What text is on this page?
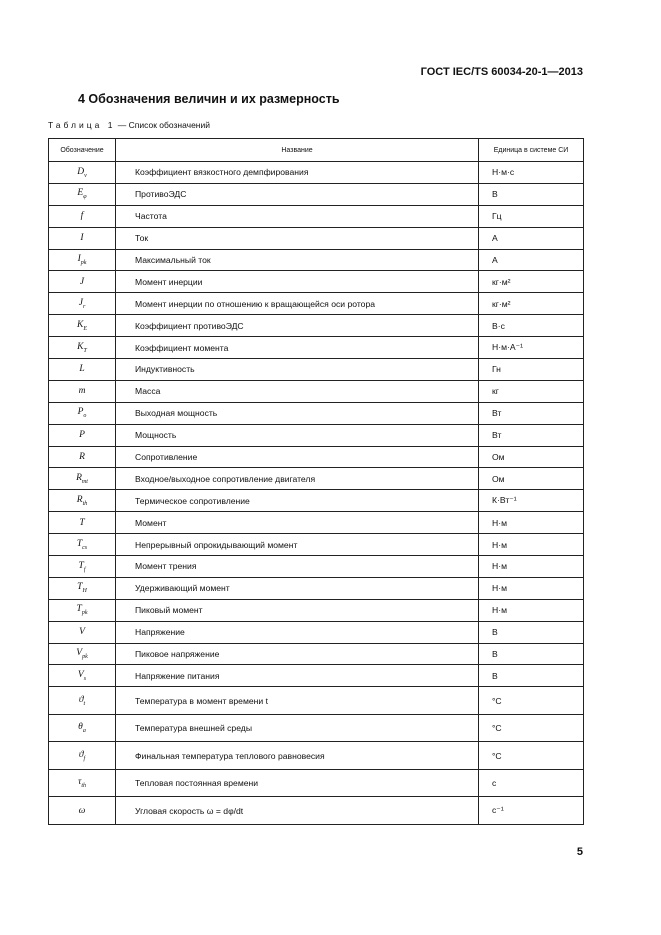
ГОСТ IEC/TS 60034-20-1—2013
4 Обозначения величин и их размерность
Таблица 1 — Список обозначений
Обозначение	Название	Единица в системе СИ
$D_v$	Коэффициент вязкостного демпфирования	Н·м·с
$E_\varphi$	ПротивоЭДС	В
f	Частота	Гц
I	Ток	А
$I_{pk}$	Максимальный ток	А
J	Момент инерции	кг·м²
$J_r$	Момент инерции по отношению к вращающейся оси ротора	кг·м²
$K_E$	Коэффициент противоЭДС	В·с
$K_T$	Коэффициент момента	Н·м·А⁻¹
L	Индуктивность	Гн
m	Масса	кг
$P_o$	Выходная мощность	Вт
P	Мощность	Вт
R	Сопротивление	Ом
$R_{mt}$	Входное/выходное сопротивление двигателя	Ом
$R_{th}$	Термическое сопротивление	К·Вт⁻¹
T	Момент	Н·м
$T_{cs}$	Непрерывный опрокидывающий момент	Н·м
$T_f$	Момент трения	Н·м
$T_H$	Удерживающий момент	Н·м
$T_{pk}$	Пиковый момент	Н·м
V	Напряжение	В
$V_{pk}$	Пиковое напряжение	В
$V_s$	Напряжение питания	В
$ϑ_t$	Температура в момент времени t	°С
$\theta_a$	Температура внешней среды	°С
$ϑ_f$	Финальная температура теплового равновесия	°С
$\tau_{th}$	Тепловая постоянная времени	с
ω	Угловая скорость ω = dφ/dt	с⁻¹
5
